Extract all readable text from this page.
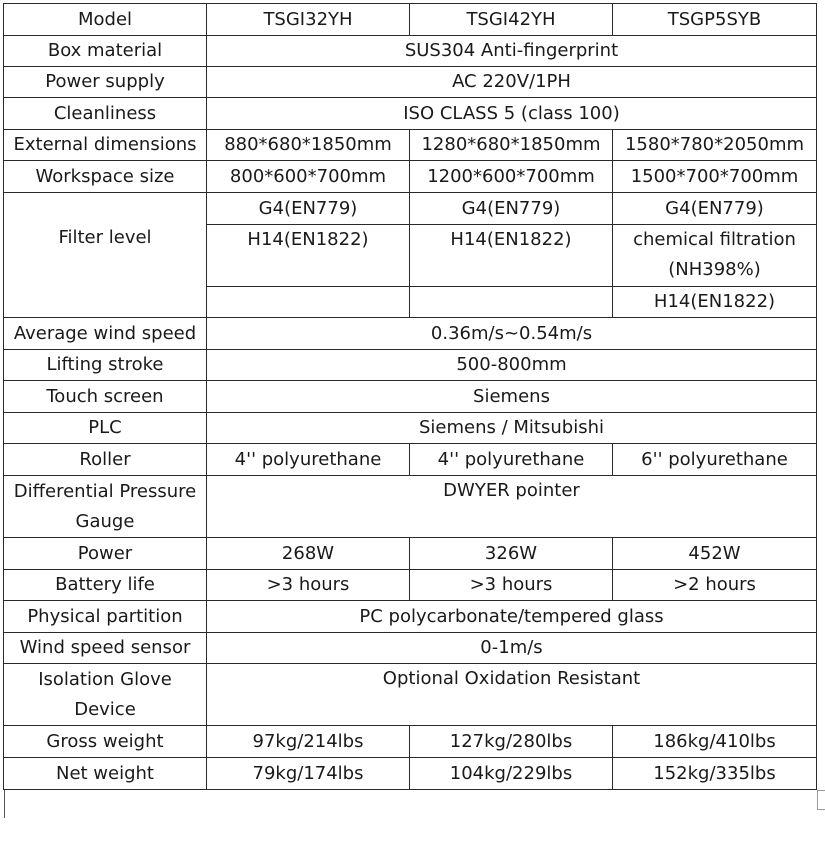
Model	TSGI32YH	TSGI42YH	TSGP5SYB
Box material	SUS304 Anti-fingerprint		
Power supply	AC 220V/1PH		
Cleanliness	ISO CLASS 5 (class 100)		
External dimensions	880*680*1850mm	1280*680*1850mm	1580*780*2050mm
Workspace size	800*600*700mm	1200*600*700mm	1500*700*700mm
Filter level	G4(EN779)	G4(EN779)	G4(EN779)
	H14(EN1822)	H14(EN1822)	chemical filtration (NH398%)
			H14(EN1822)
Average wind speed	0.36m/s~0.54m/s		
Lifting stroke	500-800mm		
Touch screen	Siemens		
PLC	Siemens / Mitsubishi		
Roller	4'' polyurethane	4'' polyurethane	6'' polyurethane
Differential Pressure Gauge	DWYER pointer		
Power	268W	326W	452W
Battery life	>3 hours	>3 hours	>2 hours
Physical partition	PC polycarbonate/tempered glass		
Wind speed sensor	0-1m/s		
Isolation Glove Device	Optional Oxidation Resistant		
Gross weight	97kg/214lbs	127kg/280lbs	186kg/410lbs
Net weight	79kg/174lbs	104kg/229lbs	152kg/335lbs
